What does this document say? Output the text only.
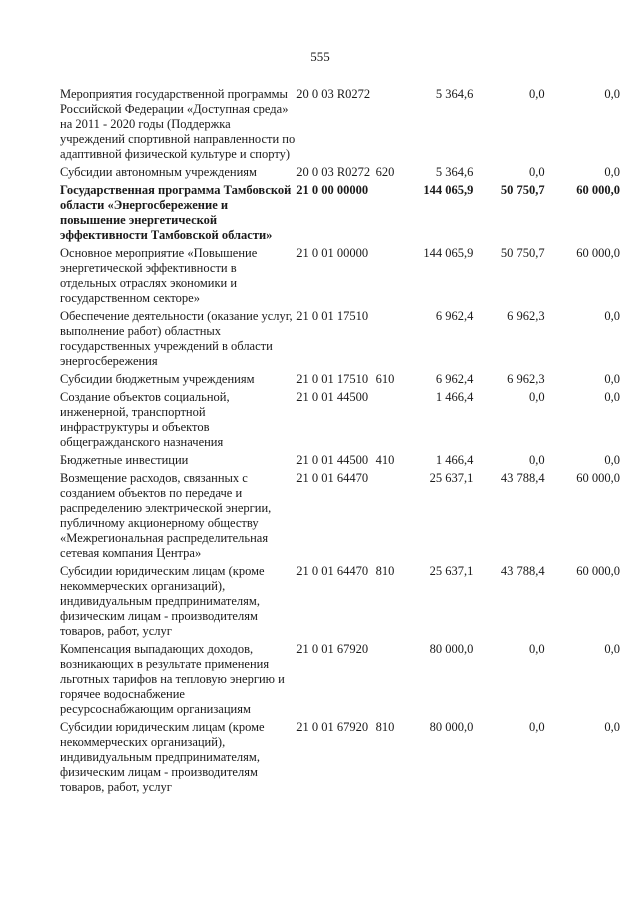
555
Мероприятия государственной программы Российской Федерации «Доступная среда» на 2011 - 2020 годы (Поддержка учреждений спортивной направленности по адаптивной физической культуре и спорту)	20 0 03 R0272		5 364,6	0,0	0,0
Субсидии автономным учреждениям	20 0 03 R0272	620	5 364,6	0,0	0,0
Государственная программа Тамбовской области «Энергосбережение и повышение энергетической эффективности Тамбовской области»	21 0 00 00000		144 065,9	50 750,7	60 000,0
Основное мероприятие «Повышение энергетической эффективности в отдельных отраслях экономики и государственном секторе»	21 0 01 00000		144 065,9	50 750,7	60 000,0
Обеспечение деятельности (оказание услуг, выполнение работ) областных государственных учреждений в области энергосбережения	21 0 01 17510		6 962,4	6 962,3	0,0
Субсидии бюджетным учреждениям	21 0 01 17510	610	6 962,4	6 962,3	0,0
Создание объектов социальной, инженерной, транспортной инфраструктуры и объектов общегражданского назначения	21 0 01 44500		1 466,4	0,0	0,0
Бюджетные инвестиции	21 0 01 44500	410	1 466,4	0,0	0,0
Возмещение расходов, связанных с созданием объектов по передаче и распределению электрической энергии, публичному акционерному обществу «Межрегиональная распределительная сетевая компания Центра»	21 0 01 64470		25 637,1	43 788,4	60 000,0
Субсидии юридическим лицам (кроме некоммерческих организаций), индивидуальным предпринимателям, физическим лицам - производителям товаров, работ, услуг	21 0 01 64470	810	25 637,1	43 788,4	60 000,0
Компенсация выпадающих доходов, возникающих в результате применения льготных тарифов на тепловую энергию и горячее водоснабжение ресурсоснабжающим организациям	21 0 01 67920		80 000,0	0,0	0,0
Субсидии юридическим лицам (кроме некоммерческих организаций), индивидуальным предпринимателям, физическим лицам - производителям товаров, работ, услуг	21 0 01 67920	810	80 000,0	0,0	0,0
